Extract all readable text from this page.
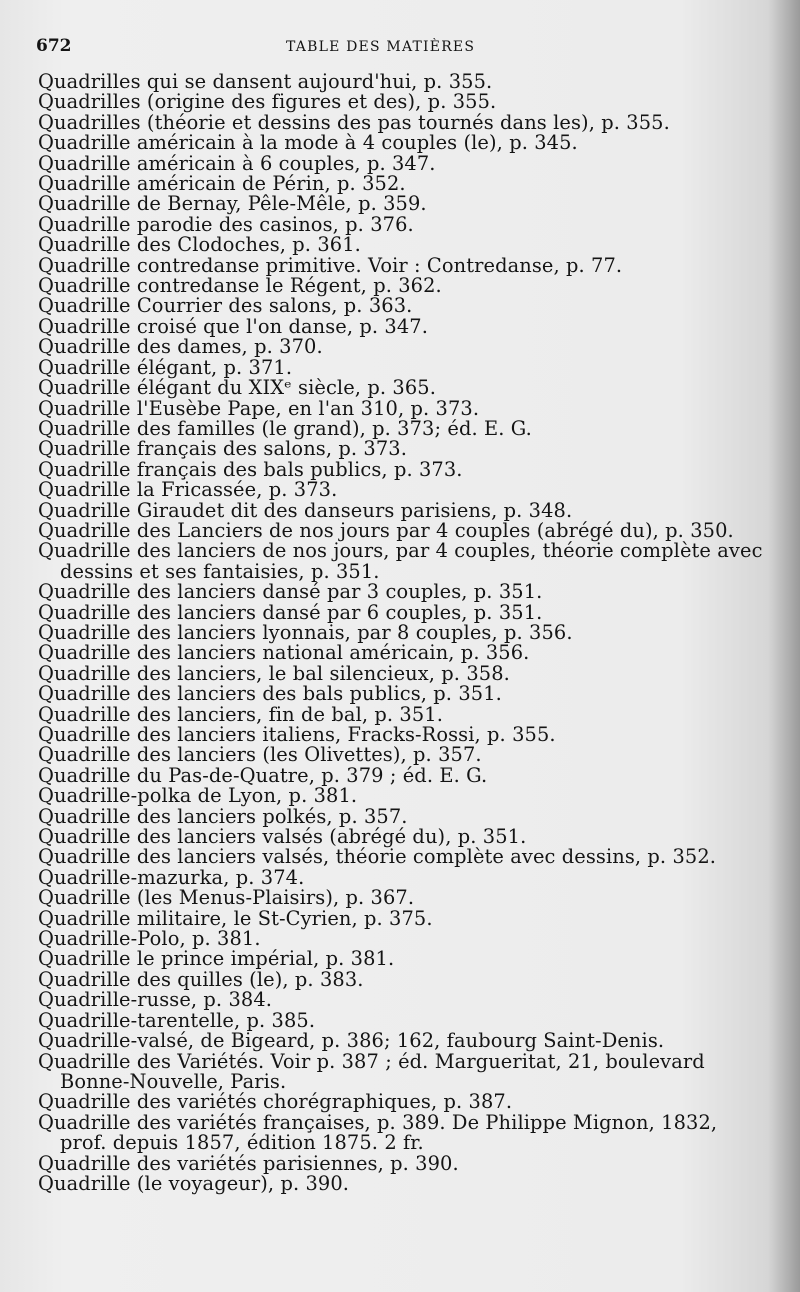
672	TABLE DES MATIÈRES
Quadrilles qui se dansent aujourd'hui, p. 355.
Quadrilles (origine des figures et des), p. 355.
Quadrilles (théorie et dessins des pas tournés dans les), p. 355.
Quadrille américain à la mode à 4 couples (le), p. 345.
Quadrille américain à 6 couples, p. 347.
Quadrille américain de Périn, p. 352.
Quadrille de Bernay, Pêle-Mêle, p. 359.
Quadrille parodie des casinos, p. 376.
Quadrille des Clodoches, p. 361.
Quadrille contredanse primitive. Voir : Contredanse, p. 77.
Quadrille contredanse le Régent, p. 362.
Quadrille Courrier des salons, p. 363.
Quadrille croisé que l'on danse, p. 347.
Quadrille des dames, p. 370.
Quadrille élégant, p. 371.
Quadrille élégant du XIXᵉ siècle, p. 365.
Quadrille l'Eusèbe Pape, en l'an 310, p. 373.
Quadrille des familles (le grand), p. 373; éd. E. G.
Quadrille français des salons, p. 373.
Quadrille français des bals publics, p. 373.
Quadrille la Fricassée, p. 373.
Quadrille Giraudet dit des danseurs parisiens, p. 348.
Quadrille des Lanciers de nos jours par 4 couples (abrégé du), p. 350.
Quadrille des lanciers de nos jours, par 4 couples, théorie complète avec
dessins et ses fantaisies, p. 351.
Quadrille des lanciers dansé par 3 couples, p. 351.
Quadrille des lanciers dansé par 6 couples, p. 351.
Quadrille des lanciers lyonnais, par 8 couples, p. 356.
Quadrille des lanciers national américain, p. 356.
Quadrille des lanciers, le bal silencieux, p. 358.
Quadrille des lanciers des bals publics, p. 351.
Quadrille des lanciers, fin de bal, p. 351.
Quadrille des lanciers italiens, Fracks-Rossi, p. 355.
Quadrille des lanciers (les Olivettes), p. 357.
Quadrille du Pas-de-Quatre, p. 379 ; éd. E. G.
Quadrille-polka de Lyon, p. 381.
Quadrille des lanciers polkés, p. 357.
Quadrille des lanciers valsés (abrégé du), p. 351.
Quadrille des lanciers valsés, théorie complète avec dessins, p. 352.
Quadrille-mazurka, p. 374.
Quadrille (les Menus-Plaisirs), p. 367.
Quadrille militaire, le St-Cyrien, p. 375.
Quadrille-Polo, p. 381.
Quadrille le prince impérial, p. 381.
Quadrille des quilles (le), p. 383.
Quadrille-russe, p. 384.
Quadrille-tarentelle, p. 385.
Quadrille-valsé, de Bigeard, p. 386; 162, faubourg Saint-Denis.
Quadrille des Variétés. Voir p. 387 ; éd. Margueritat, 21, boulevard
Bonne-Nouvelle, Paris.
Quadrille des variétés chorégraphiques, p. 387.
Quadrille des variétés françaises, p. 389. De Philippe Mignon, 1832,
prof. depuis 1857, édition 1875. 2 fr.
Quadrille des variétés parisiennes, p. 390.
Quadrille (le voyageur), p. 390.
